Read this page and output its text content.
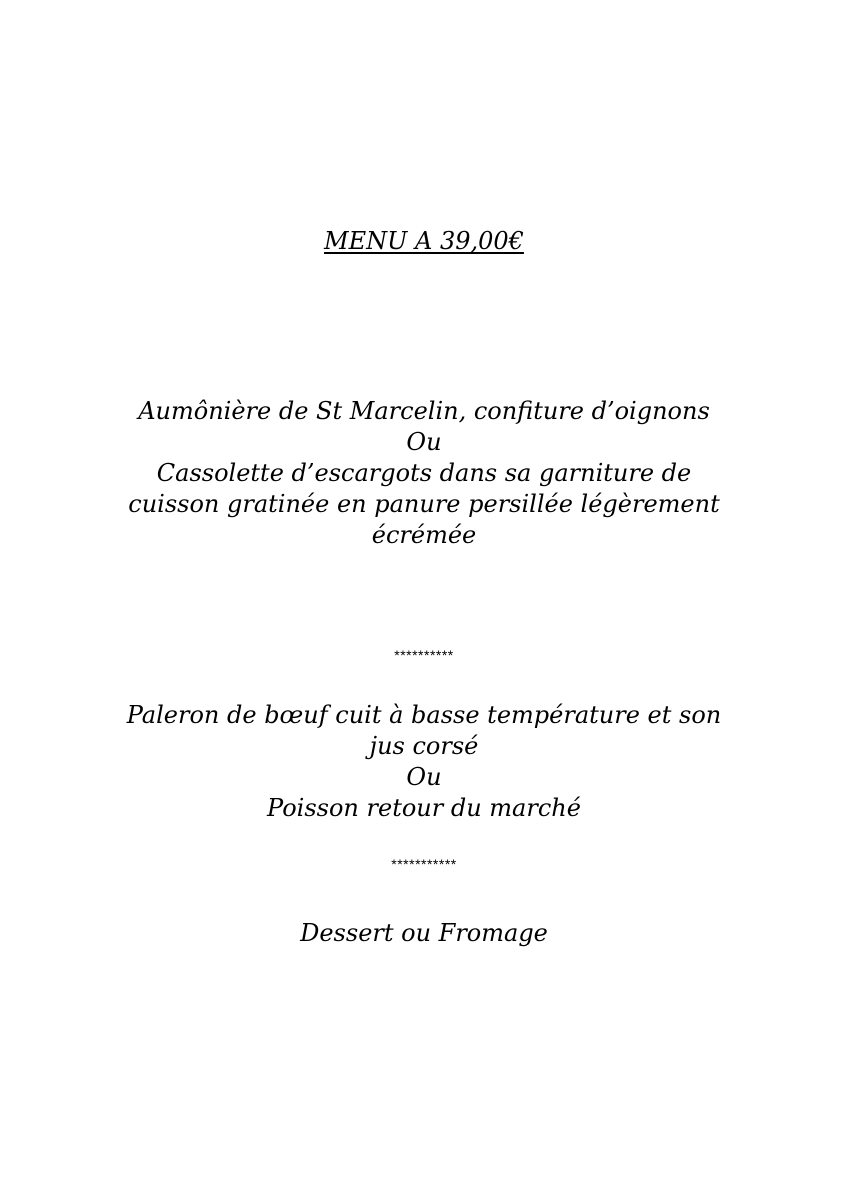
MENU A 39,00€
Aumônière de St Marcelin, confiture d’oignons
Ou
Cassolette d’escargots dans sa garniture de
cuisson gratinée en panure persillée légèrement
écrémée
**********
Paleron de bœuf cuit à basse température et son
jus corsé
Ou
Poisson retour du marché
***********
Dessert ou Fromage
